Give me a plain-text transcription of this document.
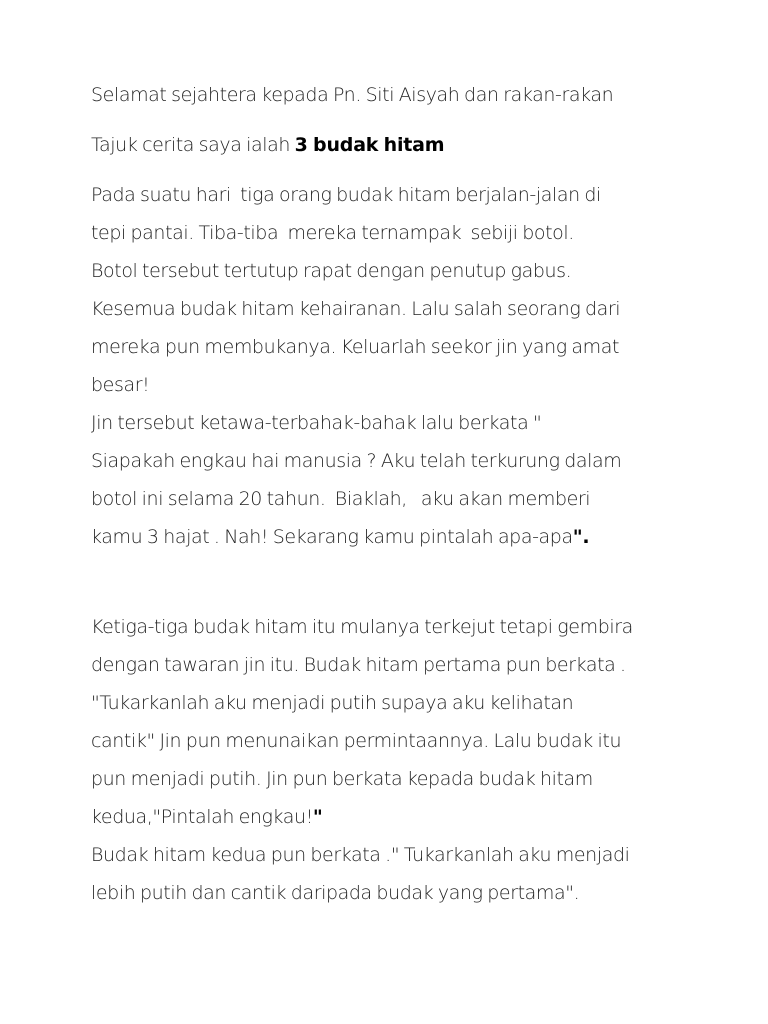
Selamat sejahtera kepada Pn. Siti Aisyah dan rakan-rakan
Tajuk cerita saya ialah 3 budak hitam
Pada suatu hari  tiga orang budak hitam berjalan-jalan di
tepi pantai. Tiba-tiba  mereka ternampak  sebiji botol.
Botol tersebut tertutup rapat dengan penutup gabus.
Kesemua budak hitam kehairanan. Lalu salah seorang dari
mereka pun membukanya. Keluarlah seekor jin yang amat
besar!
Jin tersebut ketawa-terbahak-bahak lalu berkata "
Siapakah engkau hai manusia ? Aku telah terkurung dalam
botol ini selama 20 tahun.  Biaklah,   aku akan memberi
kamu 3 hajat . Nah! Sekarang kamu pintalah apa-apa".
Ketiga-tiga budak hitam itu mulanya terkejut tetapi gembira
dengan tawaran jin itu. Budak hitam pertama pun berkata .
"Tukarkanlah aku menjadi putih supaya aku kelihatan
cantik" Jin pun menunaikan permintaannya. Lalu budak itu
pun menjadi putih. Jin pun berkata kepada budak hitam
kedua,"Pintalah engkau!"
Budak hitam kedua pun berkata ." Tukarkanlah aku menjadi
lebih putih dan cantik daripada budak yang pertama".
